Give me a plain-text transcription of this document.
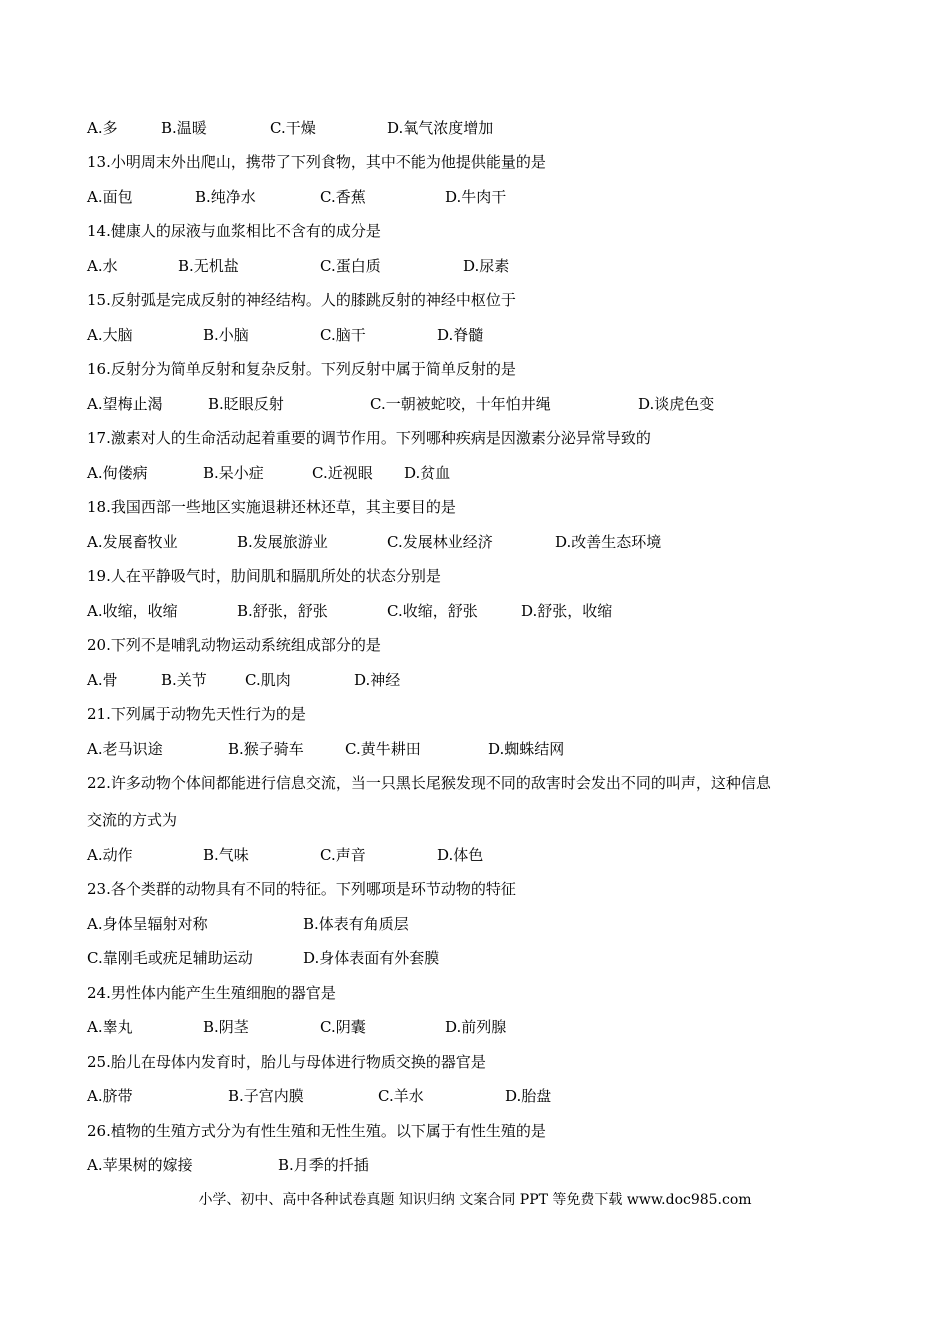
A.多	B.温暖	C.干燥	D.氧气浓度增加
13.小明周末外出爬山，携带了下列食物，其中不能为他提供能量的是
A.面包	B.纯净水	C.香蕉	D.牛肉干
14.健康人的尿液与血浆相比不含有的成分是
A.水	B.无机盐	C.蛋白质	D.尿素
15.反射弧是完成反射的神经结构。人的膝跳反射的神经中枢位于
A.大脑	B.小脑	C.脑干	D.脊髓
16.反射分为简单反射和复杂反射。下列反射中属于简单反射的是
A.望梅止渴	B.眨眼反射	C.一朝被蛇咬，十年怕井绳	D.谈虎色变
17.激素对人的生命活动起着重要的调节作用。下列哪种疾病是因激素分泌异常导致的
A.佝偻病	B.呆小症	C.近视眼 D.贫血
18.我国西部一些地区实施退耕还林还草，其主要目的是
A.发展畜牧业	B.发展旅游业	C.发展林业经济	D.改善生态环境
19.人在平静吸气时，肋间肌和膈肌所处的状态分别是
A.收缩，收缩	B.舒张，舒张	C.收缩，舒张	D.舒张，收缩
20.下列不是哺乳动物运动系统组成部分的是
A.骨	B.关节	C.肌肉	D.神经
21.下列属于动物先天性行为的是
A.老马识途	B.猴子骑车	C.黄牛耕田	D.蜘蛛结网
22.许多动物个体间都能进行信息交流，当一只黑长尾猴发现不同的敌害时会发出不同的叫声，这种信息
交流的方式为
A.动作	B.气味	C.声音	D.体色
23.各个类群的动物具有不同的特征。下列哪项是环节动物的特征
A.身体呈辐射对称	B.体表有角质层
C.靠刚毛或疣足辅助运动	D.身体表面有外套膜
24.男性体内能产生生殖细胞的器官是
A.睾丸	B.阴茎	C.阴囊	D.前列腺
25.胎儿在母体内发育时，胎儿与母体进行物质交换的器官是
A.脐带	B.子宫内膜	C.羊水	D.胎盘
26.植物的生殖方式分为有性生殖和无性生殖。以下属于有性生殖的是
A.苹果树的嫁接	B.月季的扦插
小学、初中、高中各种试卷真题 知识归纳 文案合同 PPT 等免费下载 www.doc985.com
